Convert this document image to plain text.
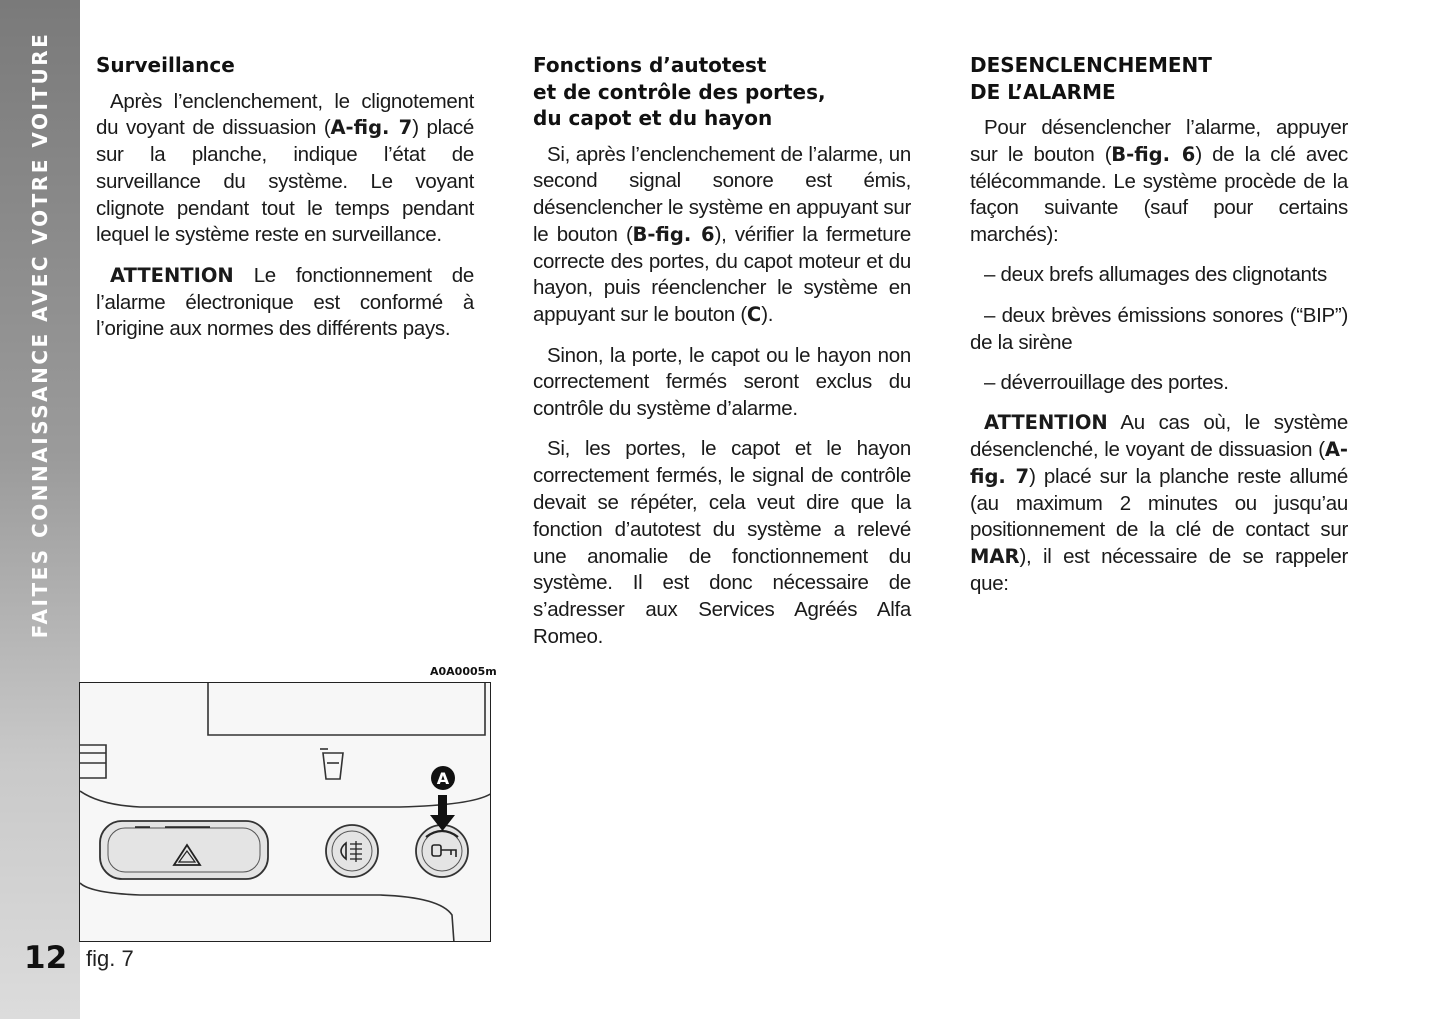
FAITES CONNAISSANCE AVEC VOTRE VOITURE
12
Surveillance

Après l’enclenchement, le clignotement du voyant de dissuasion (A-fig. 7) placé sur la planche, indique l’état de surveillance du système. Le voyant clignote pendant tout le temps pendant lequel le système reste en surveillance.

ATTENTION Le fonctionnement de l’alarme électronique est conformé à l’origine aux normes des différents pays.

Fonctions d’autotest
et de contrôle des portes,
du capot et du hayon

Si, après l’enclenchement de l’alarme, un second signal sonore est émis, désenclencher le système en appuyant sur le bouton (B-fig. 6), vérifier la fermeture correcte des portes, du capot moteur et du hayon, puis réenclencher le système en appuyant sur le bouton (C).

Sinon, la porte, le capot ou le hayon non correctement fermés seront exclus du contrôle du système d’alarme.

Si, les portes, le capot et le hayon correctement fermés, le signal de contrôle devait se répéter, cela veut dire que la fonction d’autotest du système a relevé une anomalie de fonctionnement du système. Il est donc nécessaire de s’adresser aux Services Agréés Alfa Romeo.

DESENCLENCHEMENT
DE L’ALARME

Pour désenclencher l’alarme, appuyer sur le bouton (B-fig. 6) de la clé avec télécommande. Le système procède de la façon suivante (sauf pour certains marchés):

– deux brefs allumages des clignotants

– deux brèves émissions sonores (“BIP”) de la sirène

– déverrouillage des portes.

ATTENTION Au cas où, le système désenclenché, le voyant de dissuasion (A-fig. 7) placé sur la planche reste allumé (au maximum 2 minutes ou jusqu’au positionnement de la clé de contact sur MAR), il est nécessaire de se rappeler que:

A0A0005m
A
fig. 7
